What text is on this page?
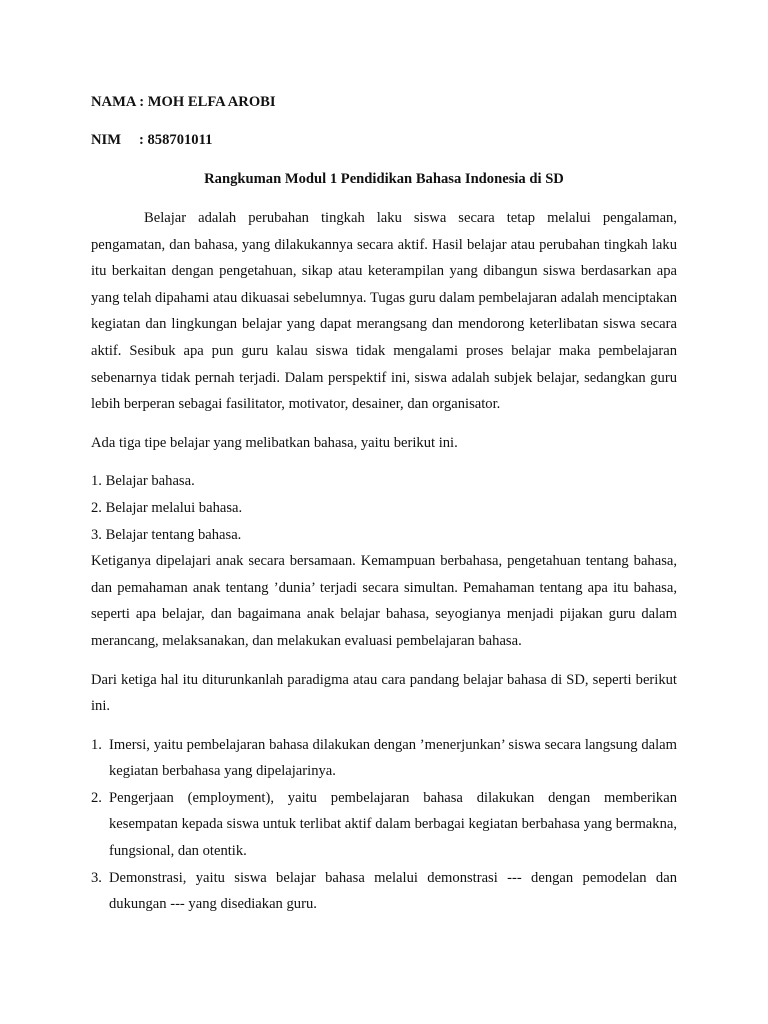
NAMA : MOH ELFA AROBI

NIM : 858701011

Rangkuman Modul 1 Pendidikan Bahasa Indonesia di SD

Belajar adalah perubahan tingkah laku siswa secara tetap melalui pengalaman, pengamatan, dan bahasa, yang dilakukannya secara aktif. Hasil belajar atau perubahan tingkah laku itu berkaitan dengan pengetahuan, sikap atau keterampilan yang dibangun siswa berdasarkan apa yang telah dipahami atau dikuasai sebelumnya. Tugas guru dalam pembelajaran adalah menciptakan kegiatan dan lingkungan belajar yang dapat merangsang dan mendorong keterlibatan siswa secara aktif. Sesibuk apa pun guru kalau siswa tidak mengalami proses belajar maka pembelajaran sebenarnya tidak pernah terjadi. Dalam perspektif ini, siswa adalah subjek belajar, sedangkan guru lebih berperan sebagai fasilitator, motivator, desainer, dan organisator.

Ada tiga tipe belajar yang melibatkan bahasa, yaitu berikut ini.

1. Belajar bahasa.
2. Belajar melalui bahasa.
3. Belajar tentang bahasa.

Ketiganya dipelajari anak secara bersamaan. Kemampuan berbahasa, pengetahuan tentang bahasa, dan pemahaman anak tentang ’dunia’ terjadi secara simultan. Pemahaman tentang apa itu bahasa, seperti apa belajar, dan bagaimana anak belajar bahasa, seyogianya menjadi pijakan guru dalam merancang, melaksanakan, dan melakukan evaluasi pembelajaran bahasa.

Dari ketiga hal itu diturunkanlah paradigma atau cara pandang belajar bahasa di SD, seperti berikut ini.

1. Imersi, yaitu pembelajaran bahasa dilakukan dengan ’menerjunkan’ siswa secara langsung dalam kegiatan berbahasa yang dipelajarinya.
2. Pengerjaan (employment), yaitu pembelajaran bahasa dilakukan dengan memberikan kesempatan kepada siswa untuk terlibat aktif dalam berbagai kegiatan berbahasa yang bermakna, fungsional, dan otentik.
3. Demonstrasi, yaitu siswa belajar bahasa melalui demonstrasi --- dengan pemodelan dan dukungan --- yang disediakan guru.
